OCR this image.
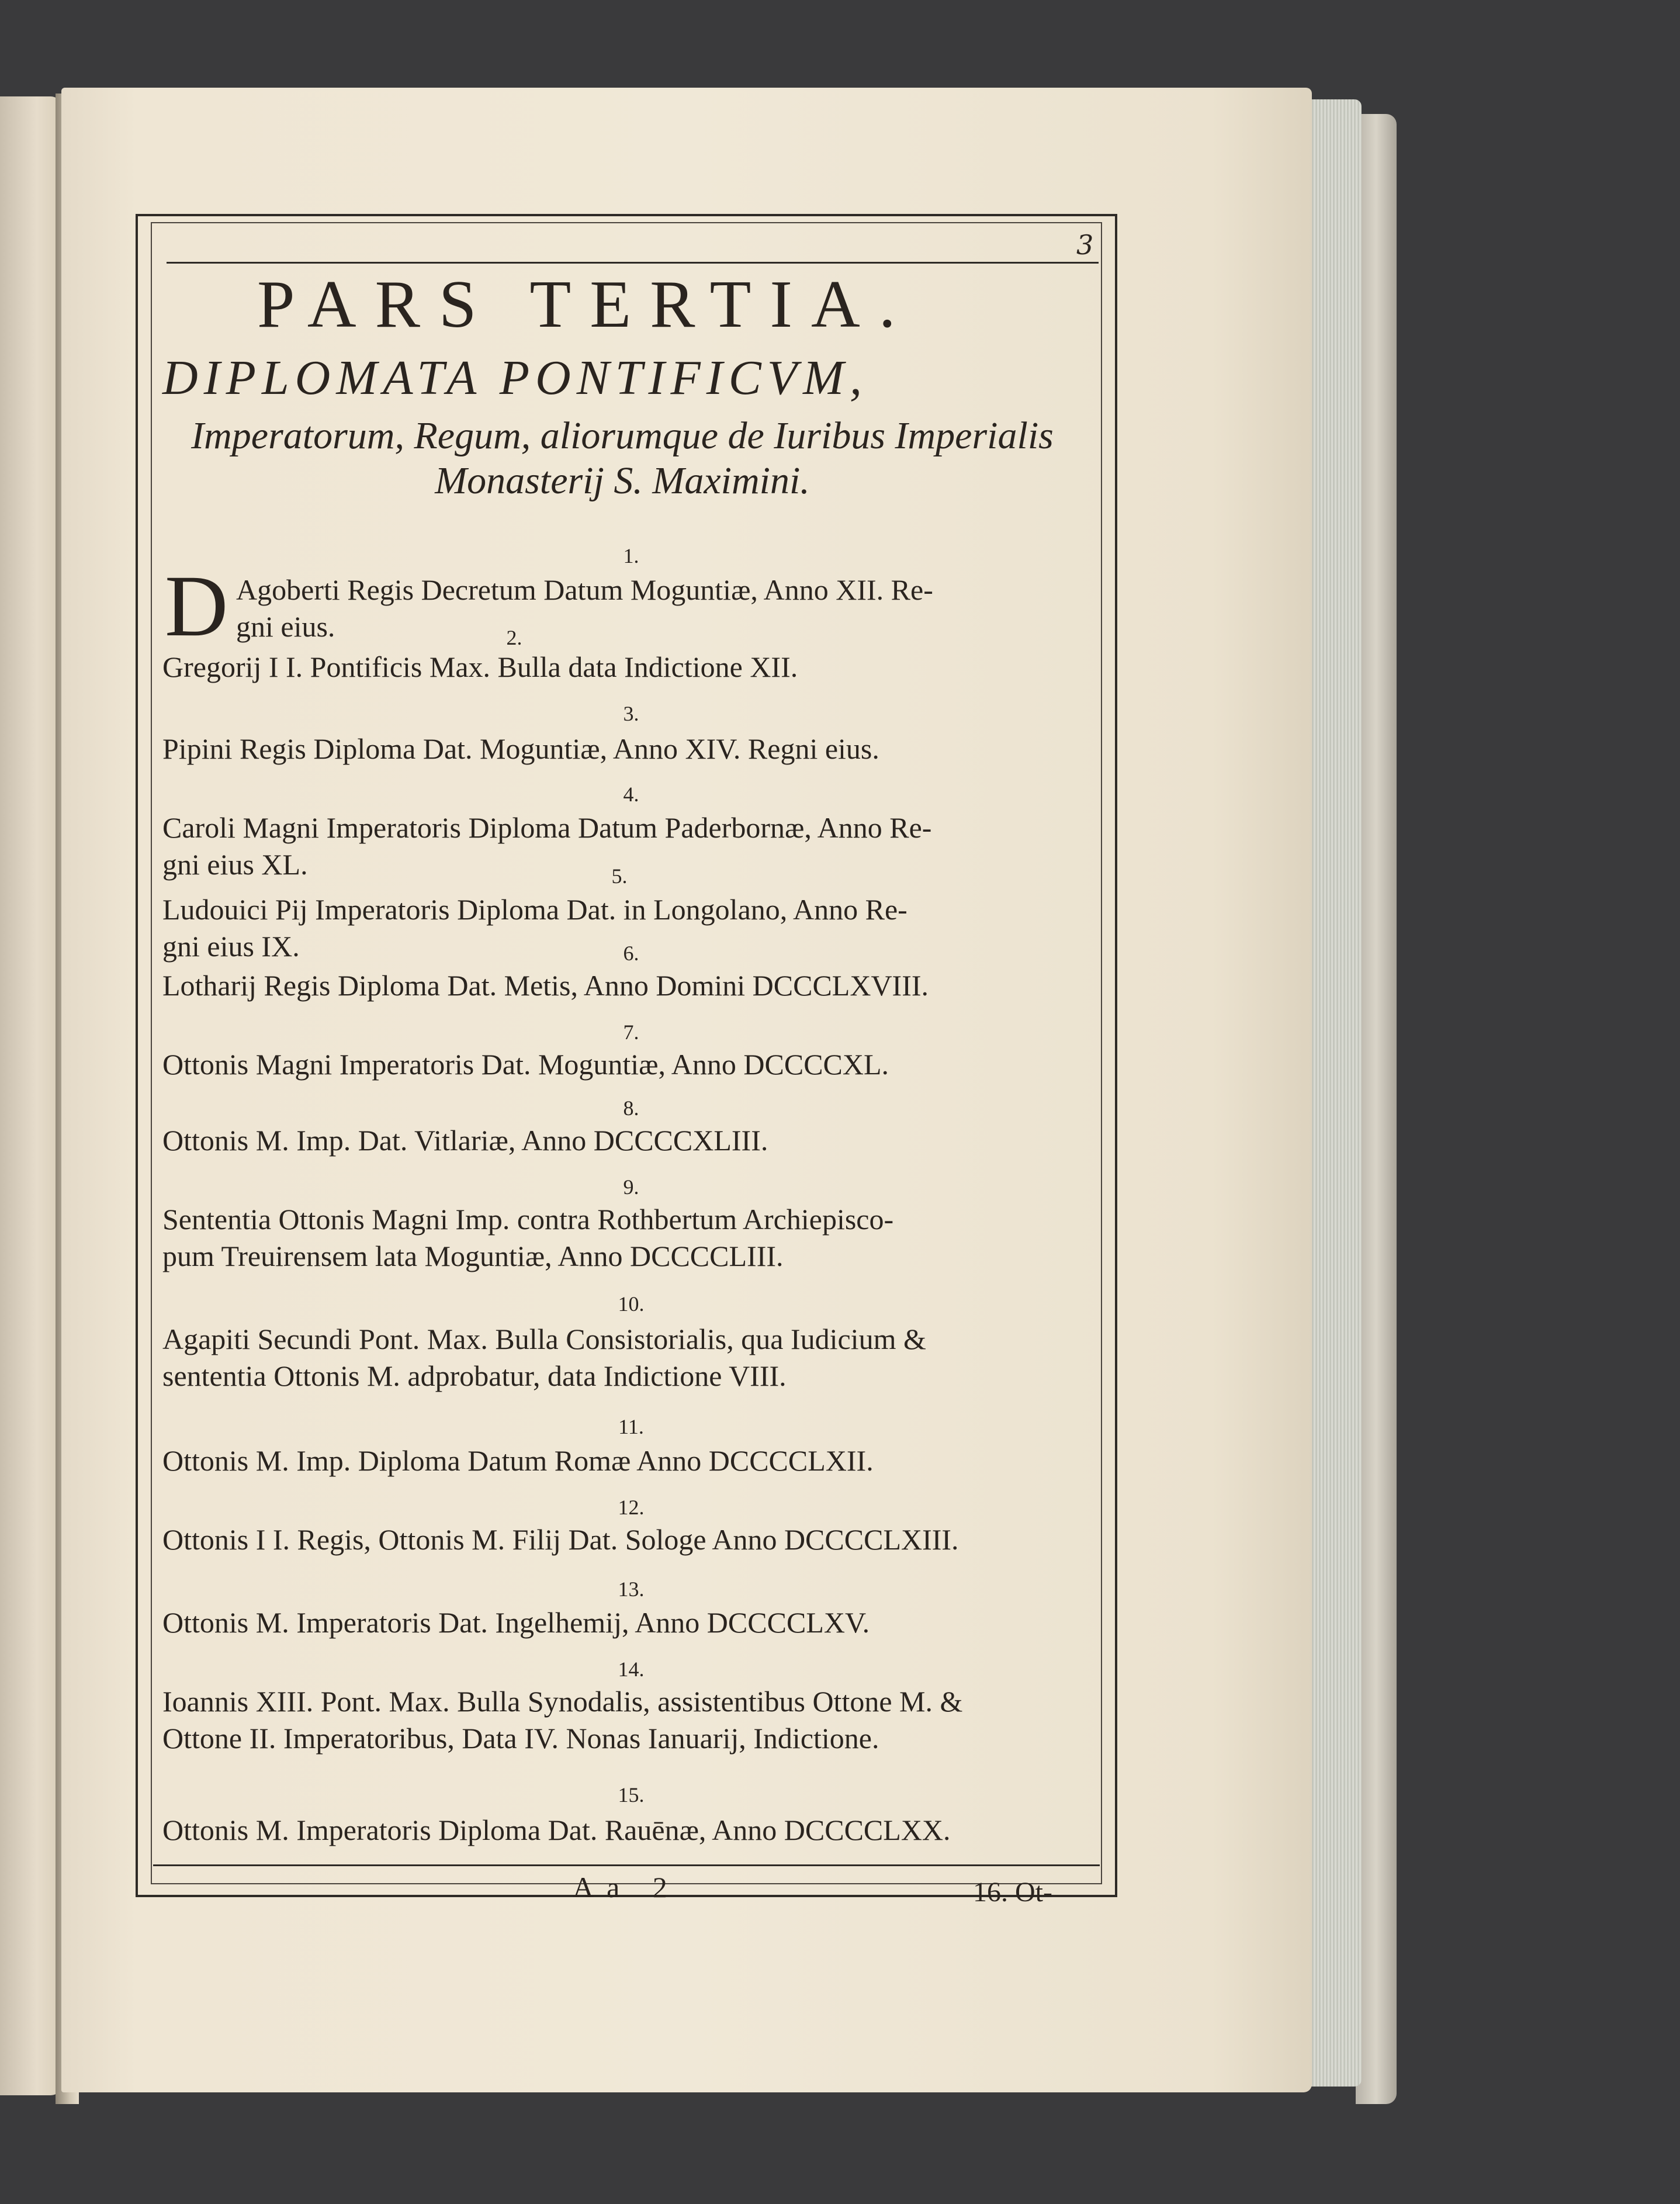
3
PARS TERTIA.
DIPLOMATA PONTIFICVM,
Imperatorum, Regum, aliorumque de Iuribus Imperialis
Monasterij S. Maximini.
1.
D Agoberti Regis Decretum Datum Moguntiæ, Anno XII. Re-
gni eius.	2.
Gregorij I I. Pontificis Max. Bulla data Indictione XII.
3.
Pipini Regis Diploma Dat. Moguntiæ, Anno XIV. Regni eius.
4.
Caroli Magni Imperatoris Diploma Datum Paderbornæ, Anno Re-
gni eius XL.	5.
Ludouici Pij Imperatoris Diploma Dat. in Longolano, Anno Re-
gni eius IX.	6.
Lotharij Regis Diploma Dat. Metis, Anno Domini DCCCLXVIII.
7.
Ottonis Magni Imperatoris Dat. Moguntiæ, Anno DCCCCXL.
8.
Ottonis M. Imp. Dat. Vitlariæ, Anno DCCCCXLIII.
9.
Sententia Ottonis Magni Imp. contra Rothbertum Archiepisco-
pum Treuirensem lata Moguntiæ, Anno DCCCCLIII.
10.
Agapiti Secundi Pont. Max. Bulla Consistorialis, qua Iudicium &
sententia Ottonis M. adprobatur, data Indictione VIII.
11.
Ottonis M. Imp. Diploma Datum Romæ Anno DCCCCLXII.
12.
Ottonis I I. Regis, Ottonis M. Filij Dat. Sologe Anno DCCCCLXIII.
13.
Ottonis M. Imperatoris Dat. Ingelhemij, Anno DCCCCLXV.
14.
Ioannis XIII. Pont. Max. Bulla Synodalis, assistentibus Ottone M. &
Ottone II. Imperatoribus, Data IV. Nonas Ianuarij, Indictione.
15.
Ottonis M. Imperatoris Diploma Dat. Rauēnæ, Anno DCCCCLXX.
Aa 2	16. Ot-
